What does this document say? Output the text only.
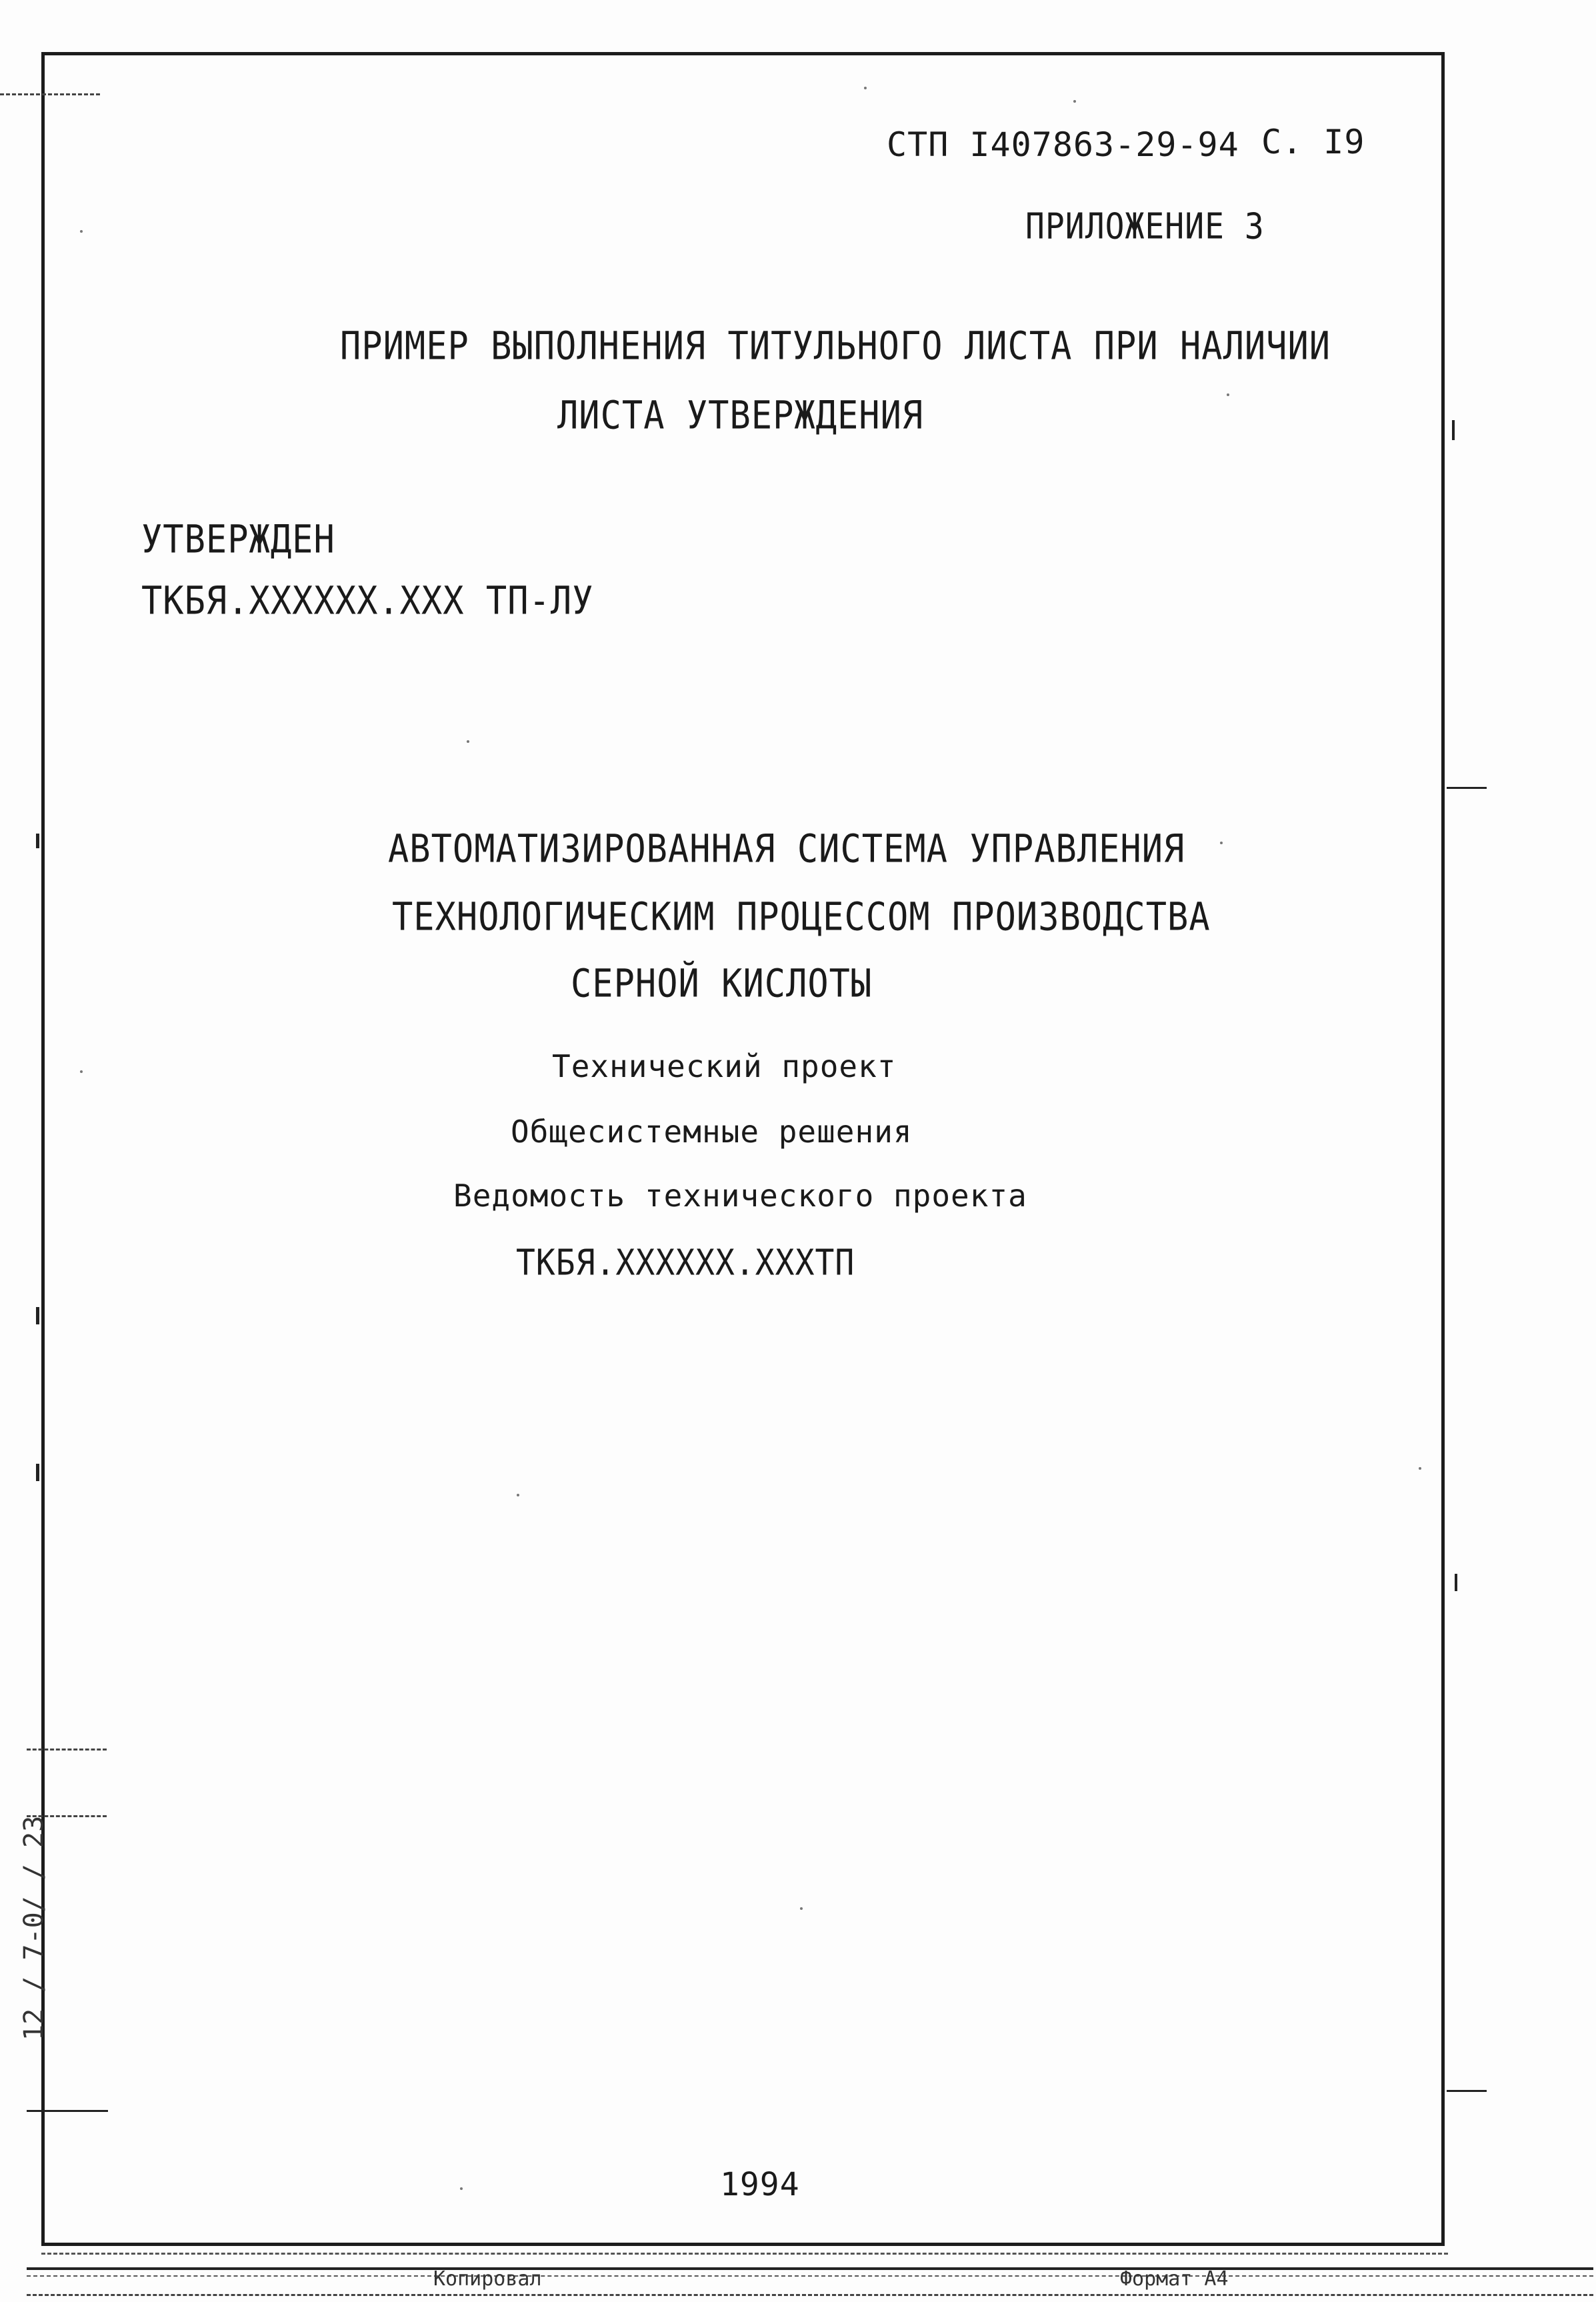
СТП І407863-29-94 С. І9
ПРИЛОЖЕНИЕ 3
ПРИМЕР ВЫПОЛНЕНИЯ ТИТУЛЬНОГО ЛИСТА ПРИ НАЛИЧИИ
ЛИСТА УТВЕРЖДЕНИЯ
УТВЕРЖДЕН
ТКБЯ.ХХХХХХ.ХХХ ТП-ЛУ
АВТОМАТИЗИРОВАННАЯ СИСТЕМА УПРАВЛЕНИЯ
ТЕХНОЛОГИЧЕСКИМ ПРОЦЕССОМ ПРОИЗВОДСТВА
СЕРНОЙ КИСЛОТЫ
Технический проект
Общесистемные решения
Ведомость технического проекта
ТКБЯ.ХХХХХХ.ХХХТП
1994
12 / 7-0/ / 23
Копировал	Формат А4
